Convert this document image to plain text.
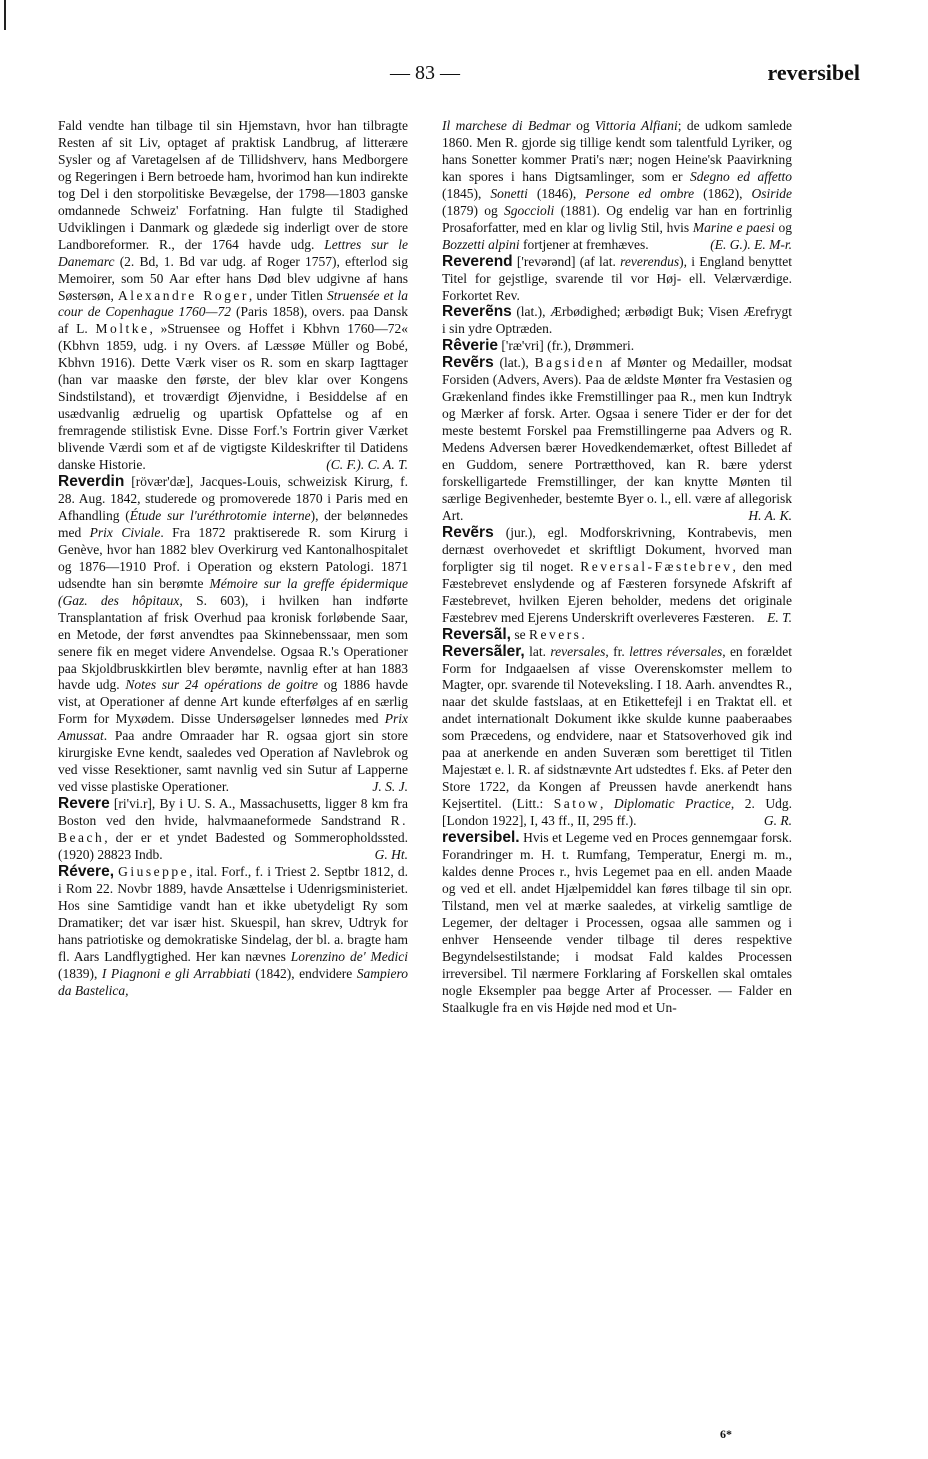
— 83 —	reversibel

Fald vendte han tilbage til sin Hjemstavn, hvor han tilbragte Resten af sit Liv, optaget af praktisk Landbrug, af litterære Sysler og af Varetagelsen af de Tillidshverv, hans Medborgere og Regeringen i Bern betroede ham, hvorimod han kun indirekte tog Del i den storpolitiske Bevægelse, der 1798—1803 ganske omdannede Schweiz' Forfatning. Han fulgte til Stadighed Udviklingen i Danmark og glædede sig inderligt over de store Landboreformer. R., der 1764 havde udg. Lettres sur le Danemarc (2. Bd, 1. Bd var udg. af Roger 1757), efterlod sig Memoirer, som 50 Aar efter hans Død blev udgivne af hans Søstersøn, Alexandre Roger, under Titlen Struensée et la cour de Copenhague 1760—72 (Paris 1858), overs. paa Dansk af L. Moltke, »Struensee og Hoffet i Kbhvn 1760—72« (Kbhvn 1859, udg. i ny Overs. af Læssøe Müller og Bobé, Kbhvn 1916). Dette Værk viser os R. som en skarp Iagttager (han var maaske den første, der blev klar over Kongens Sindstilstand), et troværdigt Øjenvidne, i Besiddelse af en usædvanlig ædruelig og upartisk Opfattelse og af en fremragende stilistisk Evne. Disse Forf.'s Fortrin giver Værket blivende Værdi som et af de vigtigste Kildeskrifter til Datidens danske Historie.	(C. F.). C. A. T.

Reverdin [rövær'dæ], Jacques-Louis, schweizisk Kirurg, f. 28. Aug. 1842, studerede og promoverede 1870 i Paris med en Afhandling (Étude sur l'uréthrotomie interne), der belønnedes med Prix Civiale. Fra 1872 praktiserede R. som Kirurg i Genève, hvor han 1882 blev Overkirurg ved Kantonalhospitalet og 1876—1910 Prof. i Operation og ekstern Patologi. 1871 udsendte han sin berømte Mémoire sur la greffe épidermique (Gaz. des hôpitaux, S. 603), i hvilken han indførte Transplantation af frisk Overhud paa kronisk forløbende Saar, en Metode, der først anvendtes paa Skinnebenssaar, men som senere fik en meget videre Anvendelse. Ogsaa R.'s Operationer paa Skjoldbruskkirtlen blev berømte, navnlig efter at han 1883 havde udg. Notes sur 24 opérations de goitre og 1886 havde vist, at Operationer af denne Art kunde efterfølges af en særlig Form for Myxødem. Disse Undersøgelser lønnedes med Prix Amussat. Paa andre Omraader har R. ogsaa gjort sin store kirurgiske Evne kendt, saaledes ved Operation af Navlebrok og ved visse Resektioner, samt navnlig ved sin Sutur af Lapperne ved visse plastiske Operationer.	J. S. J.

Revere [ri'vi.r], By i U. S. A., Massachusetts, ligger 8 km fra Boston ved den hvide, halvmaaneformede Sandstrand R. Beach, der er et yndet Badested og Sommeropholdssted. (1920) 28823 Indb.	G. Ht.

Révere, Giuseppe, ital. Forf., f. i Triest 2. Septbr 1812, d. i Rom 22. Novbr 1889, havde Ansættelse i Udenrigsministeriet. Hos sine Samtidige vandt han et ikke ubetydeligt Ry som Dramatiker; det var især hist. Skuespil, han skrev, Udtryk for hans patriotiske og demokratiske Sindelag, der bl. a. bragte ham fl. Aars Landflygtighed. Her kan nævnes Lorenzino de' Medici (1839), I Piagnoni e gli Arrabbiati (1842), endvidere Sampiero da Bastelica,

Il marchese di Bedmar og Vittoria Alfiani; de udkom samlede 1860. Men R. gjorde sig tillige kendt som talentfuld Lyriker, og hans Sonetter kommer Prati's nær; nogen Heine'sk Paavirkning kan spores i hans Digtsamlinger, som er Sdegno ed affetto (1845), Sonetti (1846), Persone ed ombre (1862), Osiride (1879) og Sgoccioli (1881). Og endelig var han en fortrinlig Prosaforfatter, med en klar og livlig Stil, hvis Marine e paesi og Bozzetti alpini fortjener at fremhæves.	(E. G.). E. M-r.

Reverend ['revərənd] (af lat. reverendus), i England benyttet Titel for gejstlige, svarende til vor Høj- ell. Velærværdige. Forkortet Rev.

Reverẽns (lat.), Ærbødighed; ærbødigt Buk; Visen Ærefrygt i sin ydre Optræden.

Rêverie ['ræ'vri] (fr.), Drømmeri.

Revẽrs (lat.), Bagsiden af Mønter og Medailler, modsat Forsiden (Advers, Avers). Paa de ældste Mønter fra Vestasien og Grækenland findes ikke Fremstillinger paa R., men kun Indtryk og Mærker af forsk. Arter. Ogsaa i senere Tider er der for det meste bestemt Forskel paa Fremstillingerne paa Advers og R. Medens Adversen bærer Hovedkendemærket, oftest Billedet af en Guddom, senere Portrætthoved, kan R. bære yderst forskelligartede Fremstillinger, der kan knytte Mønten til særlige Begivenheder, bestemte Byer o. l., ell. være af allegorisk Art.	H. A. K.

Revẽrs (jur.), egl. Modforskrivning, Kontrabevis, men dernæst overhovedet et skriftligt Dokument, hvorved man forpligter sig til noget. Reversal-Fæstebrev, den med Fæstebrevet enslydende og af Fæsteren forsynede Afskrift af Fæstebrevet, hvilken Ejeren beholder, medens det originale Fæstebrev med Ejerens Underskrift overleveres Fæsteren. E. T.

Reversãl, se Revers.

Reversãler, lat. reversales, fr. lettres réversales, en forældet Form for Indgaaelsen af visse Overenskomster mellem to Magter, opr. svarende til Noteveksling. I 18. Aarh. anvendtes R., naar det skulde fastslaas, at en Etikettefejl i en Traktat ell. et andet internationalt Dokument ikke skulde kunne paaberaabes som Præcedens, og endvidere, naar et Statsoverhoved gik ind paa at anerkende en anden Suveræn som berettiget til Titlen Majestæt e. l. R. af sidstnævnte Art udstedtes f. Eks. af Peter den Store 1722, da Kongen af Preussen havde anerkendt hans Kejsertitel. (Litt.: Satow, Diplomatic Practice, 2. Udg. [London 1922], I, 43 ff., II, 295 ff.).	G. R.

reversibel. Hvis et Legeme ved en Proces gennemgaar forsk. Forandringer m. H. t. Rumfang, Temperatur, Energi m. m., kaldes denne Proces r., hvis Legemet paa en ell. anden Maade og ved et ell. andet Hjælpemiddel kan føres tilbage til sin opr. Tilstand, men vel at mærke saaledes, at virkelig samtlige de Legemer, der deltager i Processen, ogsaa alle sammen og i enhver Henseende vender tilbage til deres respektive Begyndelsestilstande; i modsat Fald kaldes Processen irreversibel. Til nærmere Forklaring af Forskellen skal omtales nogle Eksempler paa begge Arter af Processer. — Falder en Staalkugle fra en vis Højde ned mod et Un-

6*
